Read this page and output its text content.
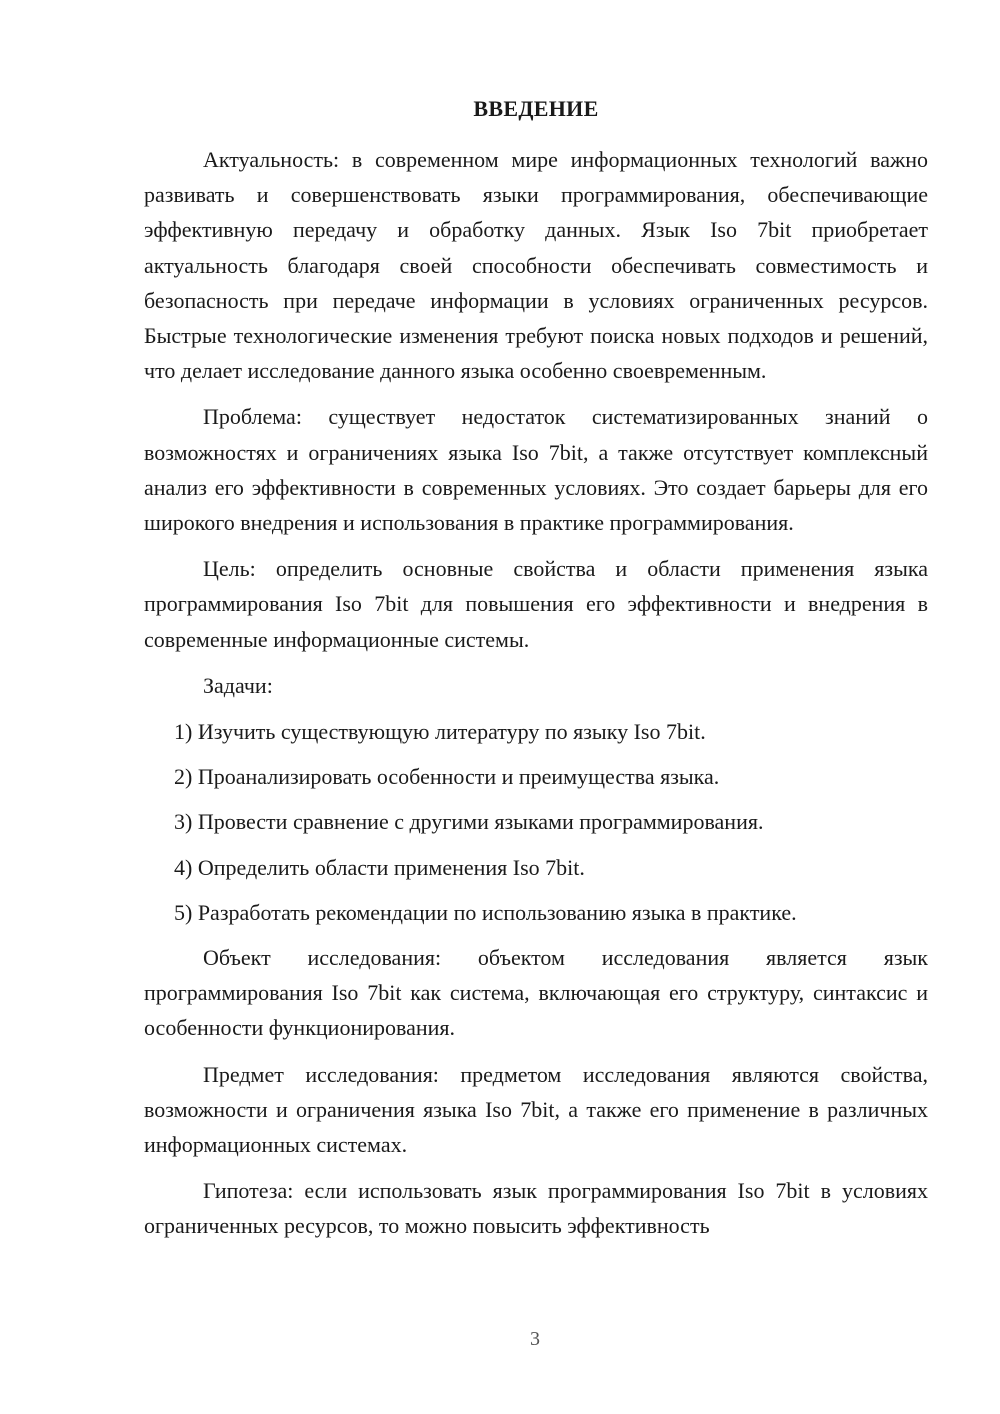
ВВЕДЕНИЕ

Актуальность: в современном мире информационных технологий важно развивать и совершенствовать языки программирования, обеспечивающие эффективную передачу и обработку данных. Язык Iso 7bit приобретает актуальность благодаря своей способности обеспечивать совместимость и безопасность при передаче информации в условиях ограниченных ресурсов. Быстрые технологические изменения требуют поиска новых подходов и решений, что делает исследование данного языка особенно своевременным.

Проблема: существует недостаток систематизированных знаний о возможностях и ограничениях языка Iso 7bit, а также отсутствует комплексный анализ его эффективности в современных условиях. Это создает барьеры для его широкого внедрения и использования в практике программирования.

Цель: определить основные свойства и области применения языка программирования Iso 7bit для повышения его эффективности и внедрения в современные информационные системы.

Задачи:

1) Изучить существующую литературу по языку Iso 7bit.

2) Проанализировать особенности и преимущества языка.

3) Провести сравнение с другими языками программирования.

4) Определить области применения Iso 7bit.

5) Разработать рекомендации по использованию языка в практике.

Объект исследования: объектом исследования является язык программирования Iso 7bit как система, включающая его структуру, синтаксис и особенности функционирования.

Предмет исследования: предметом исследования являются свойства, возможности и ограничения языка Iso 7bit, а также его применение в различных информационных системах.

Гипотеза: если использовать язык программирования Iso 7bit в условиях ограниченных ресурсов, то можно повысить эффективность

3
